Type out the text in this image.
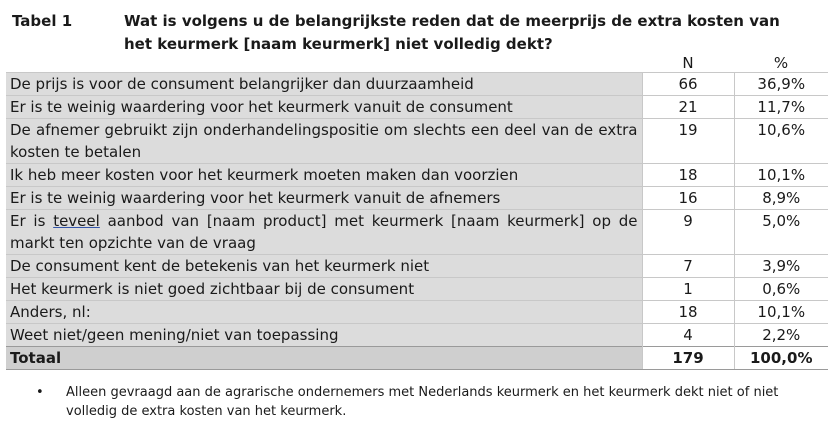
Tabel 1	Wat is volgens u de belangrijkste reden dat de meerprijs de extra kosten van het keurmerk [naam keurmerk] niet volledig dekt?
	N	%
De prijs is voor de consument belangrijker dan duurzaamheid	66	36,9%
Er is te weinig waardering voor het keurmerk vanuit de consument	21	11,7%
De afnemer gebruikt zijn onderhandelingspositie om slechts een deel van de extra kosten te betalen	19	10,6%
Ik heb meer kosten voor het keurmerk moeten maken dan voorzien	18	10,1%
Er is te weinig waardering voor het keurmerk vanuit de afnemers	16	8,9%
Er is teveel aanbod van [naam product] met keurmerk [naam keurmerk] op de markt ten opzichte van de vraag	9	5,0%
De consument kent de betekenis van het keurmerk niet	7	3,9%
Het keurmerk is niet goed zichtbaar bij de consument	1	0,6%
Anders, nl:	18	10,1%
Weet niet/geen mening/niet van toepassing	4	2,2%
Totaal	179	100,0%
• Alleen gevraagd aan de agrarische ondernemers met Nederlands keurmerk en het keurmerk dekt niet of niet volledig de extra kosten van het keurmerk.
